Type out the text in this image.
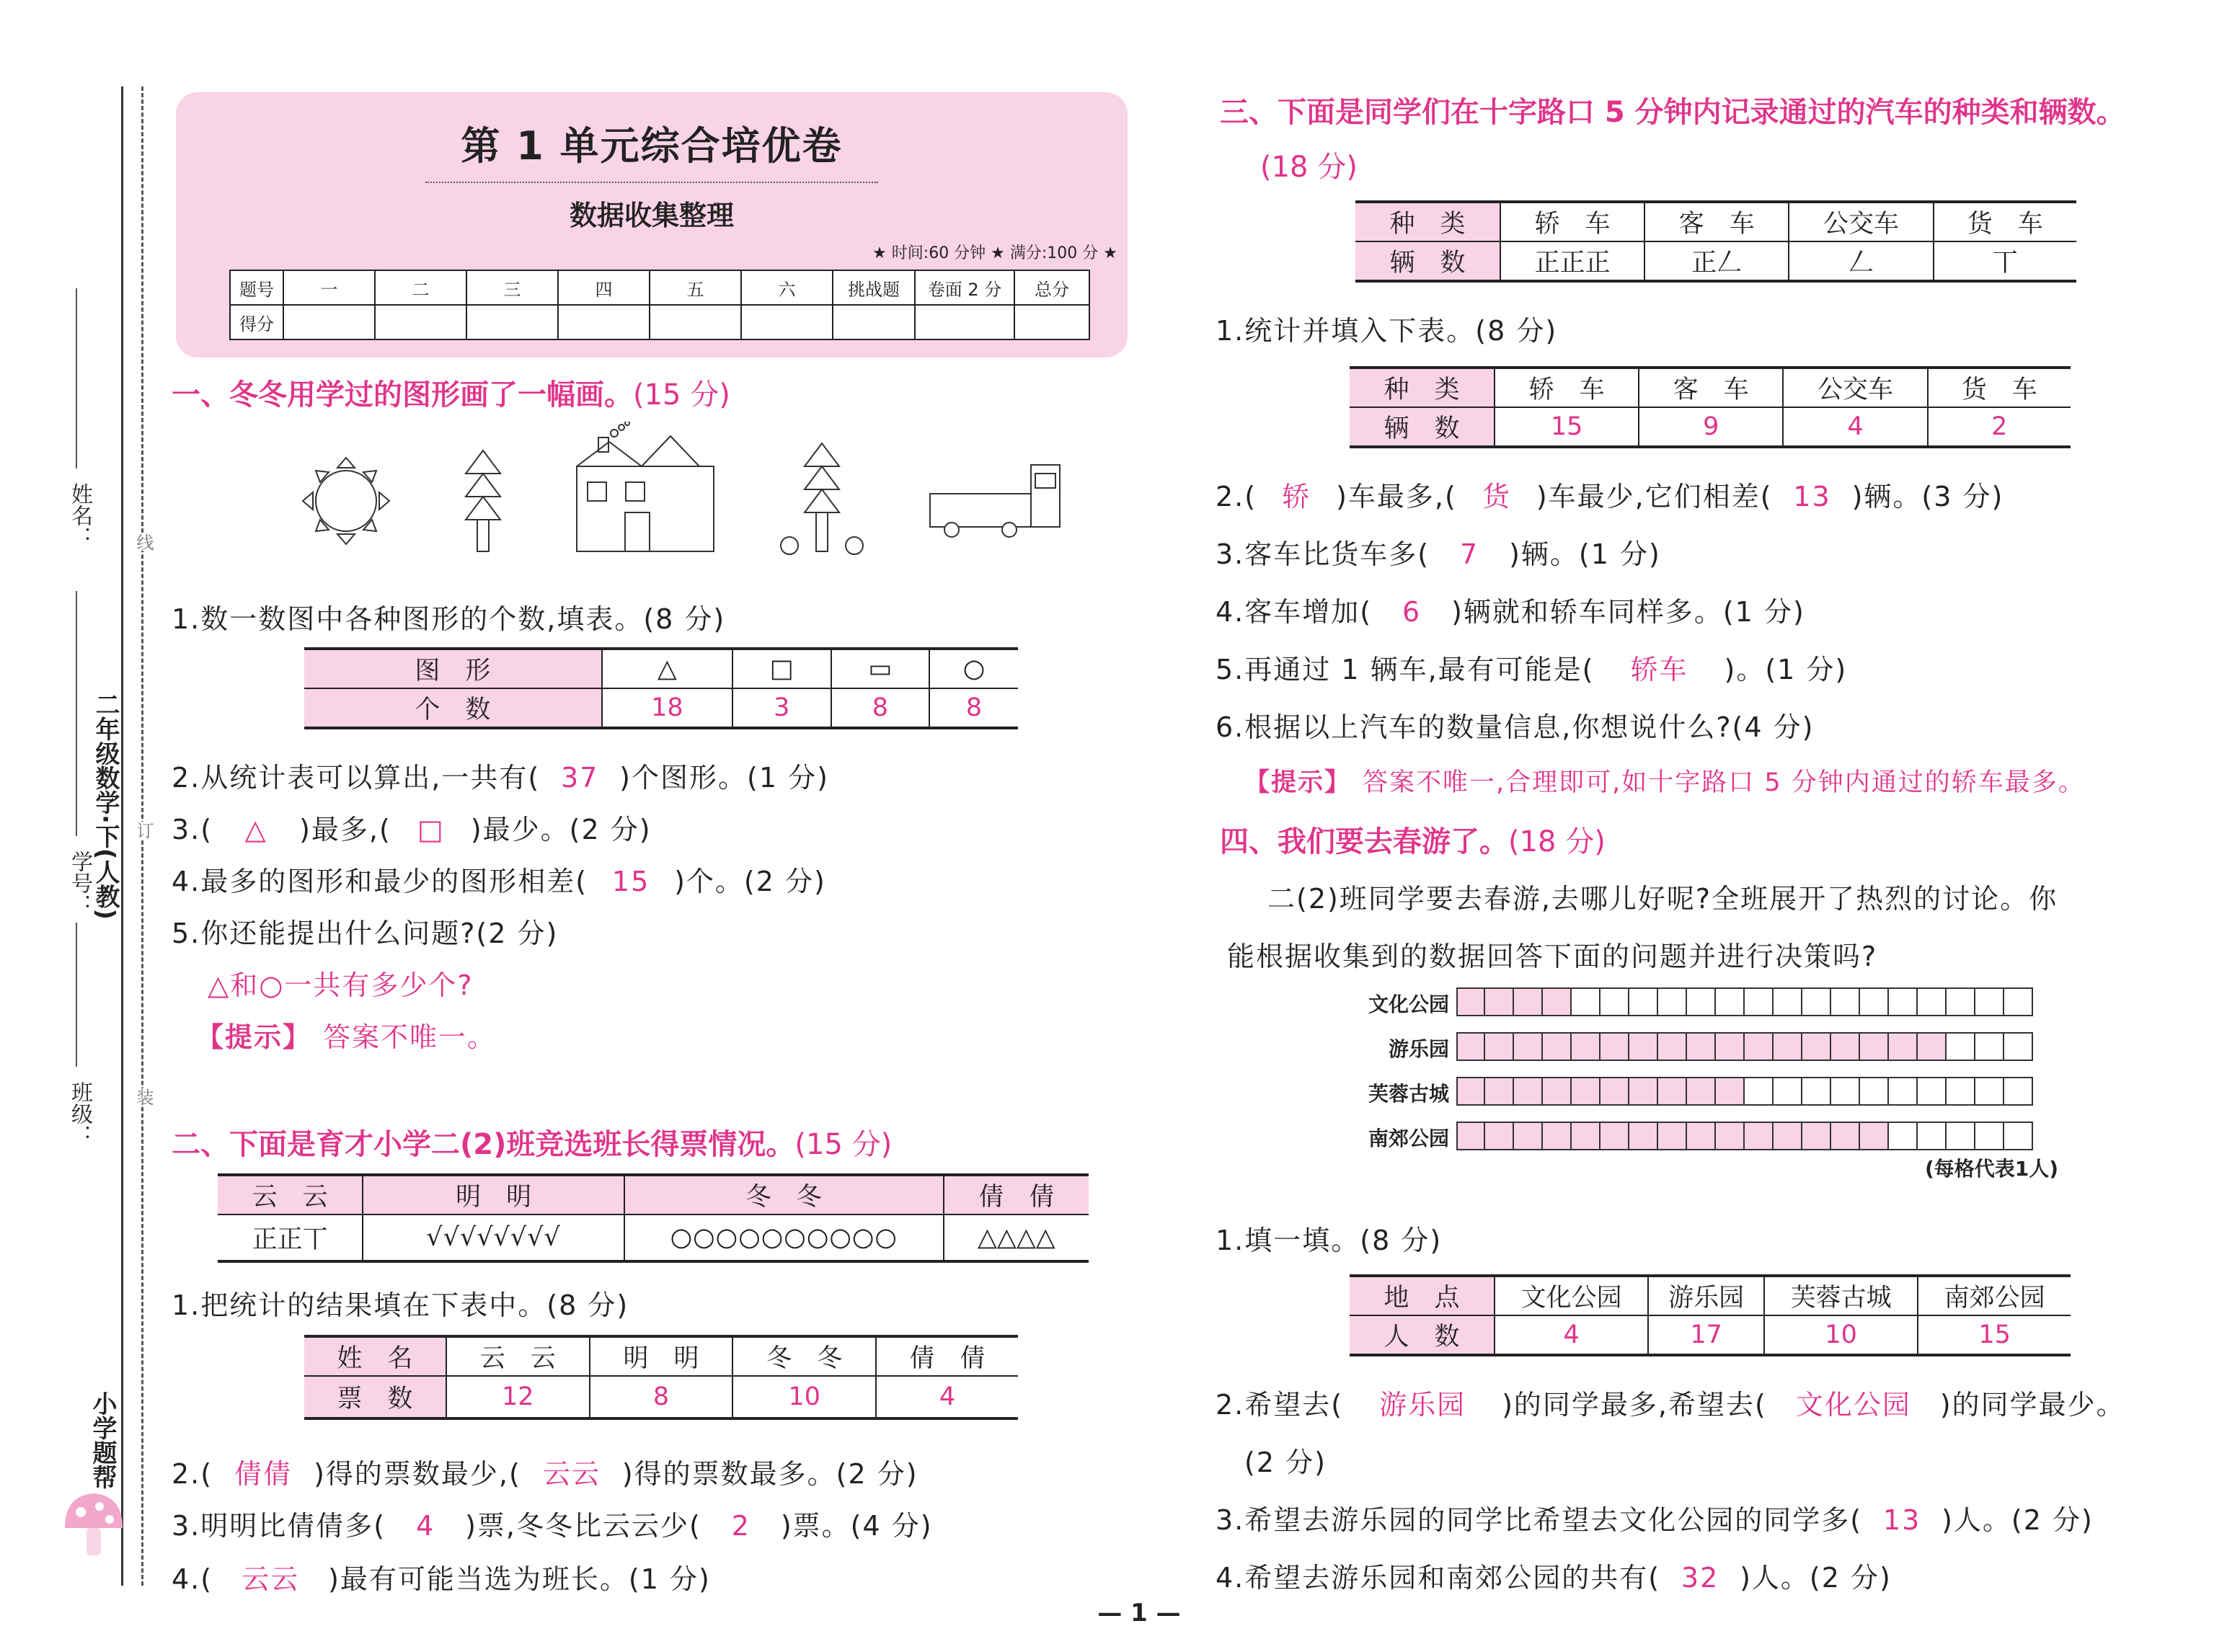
姓名：
学号：
班级：
二年级数学·下(人教)
线
订
装
小学题帮
第 1 单元综合培优卷
数据收集整理
★ 时间:60 分钟 ★ 满分:100 分 ★
题号	一	二	三	四	五	六	挑战题	卷面 2 分	总分
得分									
一、冬冬用学过的图形画了一幅画。(15 分)
1.数一数图中各种图形的个数,填表。(8 分)
图　形	△	□	▭	○
个　数	18	3	8	8
2.从统计表可以算出,一共有( 37 )个图形。(1 分)
3.( △ )最多,( □ )最少。(2 分)
4.最多的图形和最少的图形相差( 15 )个。(2 分)
5.你还能提出什么问题?(2 分)
△和○一共有多少个?
【提示】 答案不唯一。
二、下面是育才小学二(2)班竞选班长得票情况。(15 分)
云　云	明　明	冬　冬	倩　倩
正正丅	√√√√√√√√	○○○○○○○○○○	△△△△
1.把统计的结果填在下表中。(8 分)
姓　名	云　云	明　明	冬　冬	倩　倩
票　数	12	8	10	4
2.( 倩倩 )得的票数最少,( 云云 )得的票数最多。(2 分)
3.明明比倩倩多( 4 )票,冬冬比云云少( 2 )票。(4 分)
4.( 云云 )最有可能当选为班长。(1 分)
三、下面是同学们在十字路口 5 分钟内记录通过的汽车的种类和辆数。
(18 分)
种　类	轿　车	客　车	公交车	货　车
辆　数	正正正	正𠃋	𠃋	丅
1.统计并填入下表。(8 分)
种　类	轿　车	客　车	公交车	货　车
辆　数	15	9	4	2
2.( 轿 )车最多,( 货 )车最少,它们相差( 13 )辆。(3 分)
3.客车比货车多( 7 )辆。(1 分)
4.客车增加( 6 )辆就和轿车同样多。(1 分)
5.再通过 1 辆车,最有可能是( 轿车 )。(1 分)
6.根据以上汽车的数量信息,你想说什么?(4 分)
【提示】 答案不唯一,合理即可,如十字路口 5 分钟内通过的轿车最多。
四、我们要去春游了。(18 分)
二(2)班同学要去春游,去哪儿好呢?全班展开了热烈的讨论。你
能根据收集到的数据回答下面的问题并进行决策吗?
文化公园
游乐园
芙蓉古城
南郊公园
(每格代表1人)
1.填一填。(8 分)
地　点	文化公园	游乐园	芙蓉古城	南郊公园
人　数	4	17	10	15
2.希望去( 游乐园 )的同学最多,希望去( 文化公园 )的同学最少。
(2 分)
3.希望去游乐园的同学比希望去文化公园的同学多( 13 )人。(2 分)
4.希望去游乐园和南郊公园的共有( 32 )人。(2 分)
— 1 —
